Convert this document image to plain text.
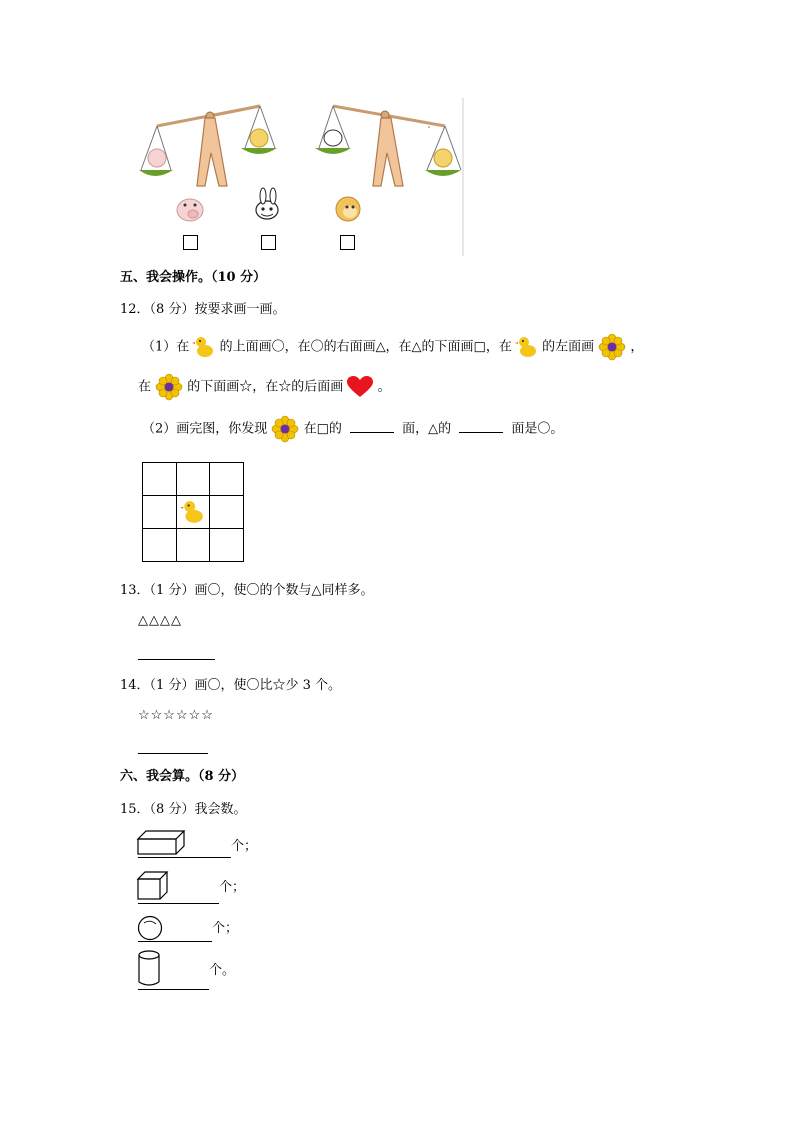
五、我会操作。（10 分）
12．（8 分）按要求画一画。
（1）在 的上面画〇，在〇的右面画△，在△的下面画□，在 的左面画	，
在	的下面画☆，在☆的后面画	。
（2）画完图，你发现	在□的	面，△的	面是〇。
13．（1 分）画〇，使〇的个数与△同样多。
△△△△
14．（1 分）画〇，使〇比☆少 3 个。
☆☆☆☆☆☆
六、我会算。（8 分）
15．（8 分）我会数。
个；
个；
个；
个。
